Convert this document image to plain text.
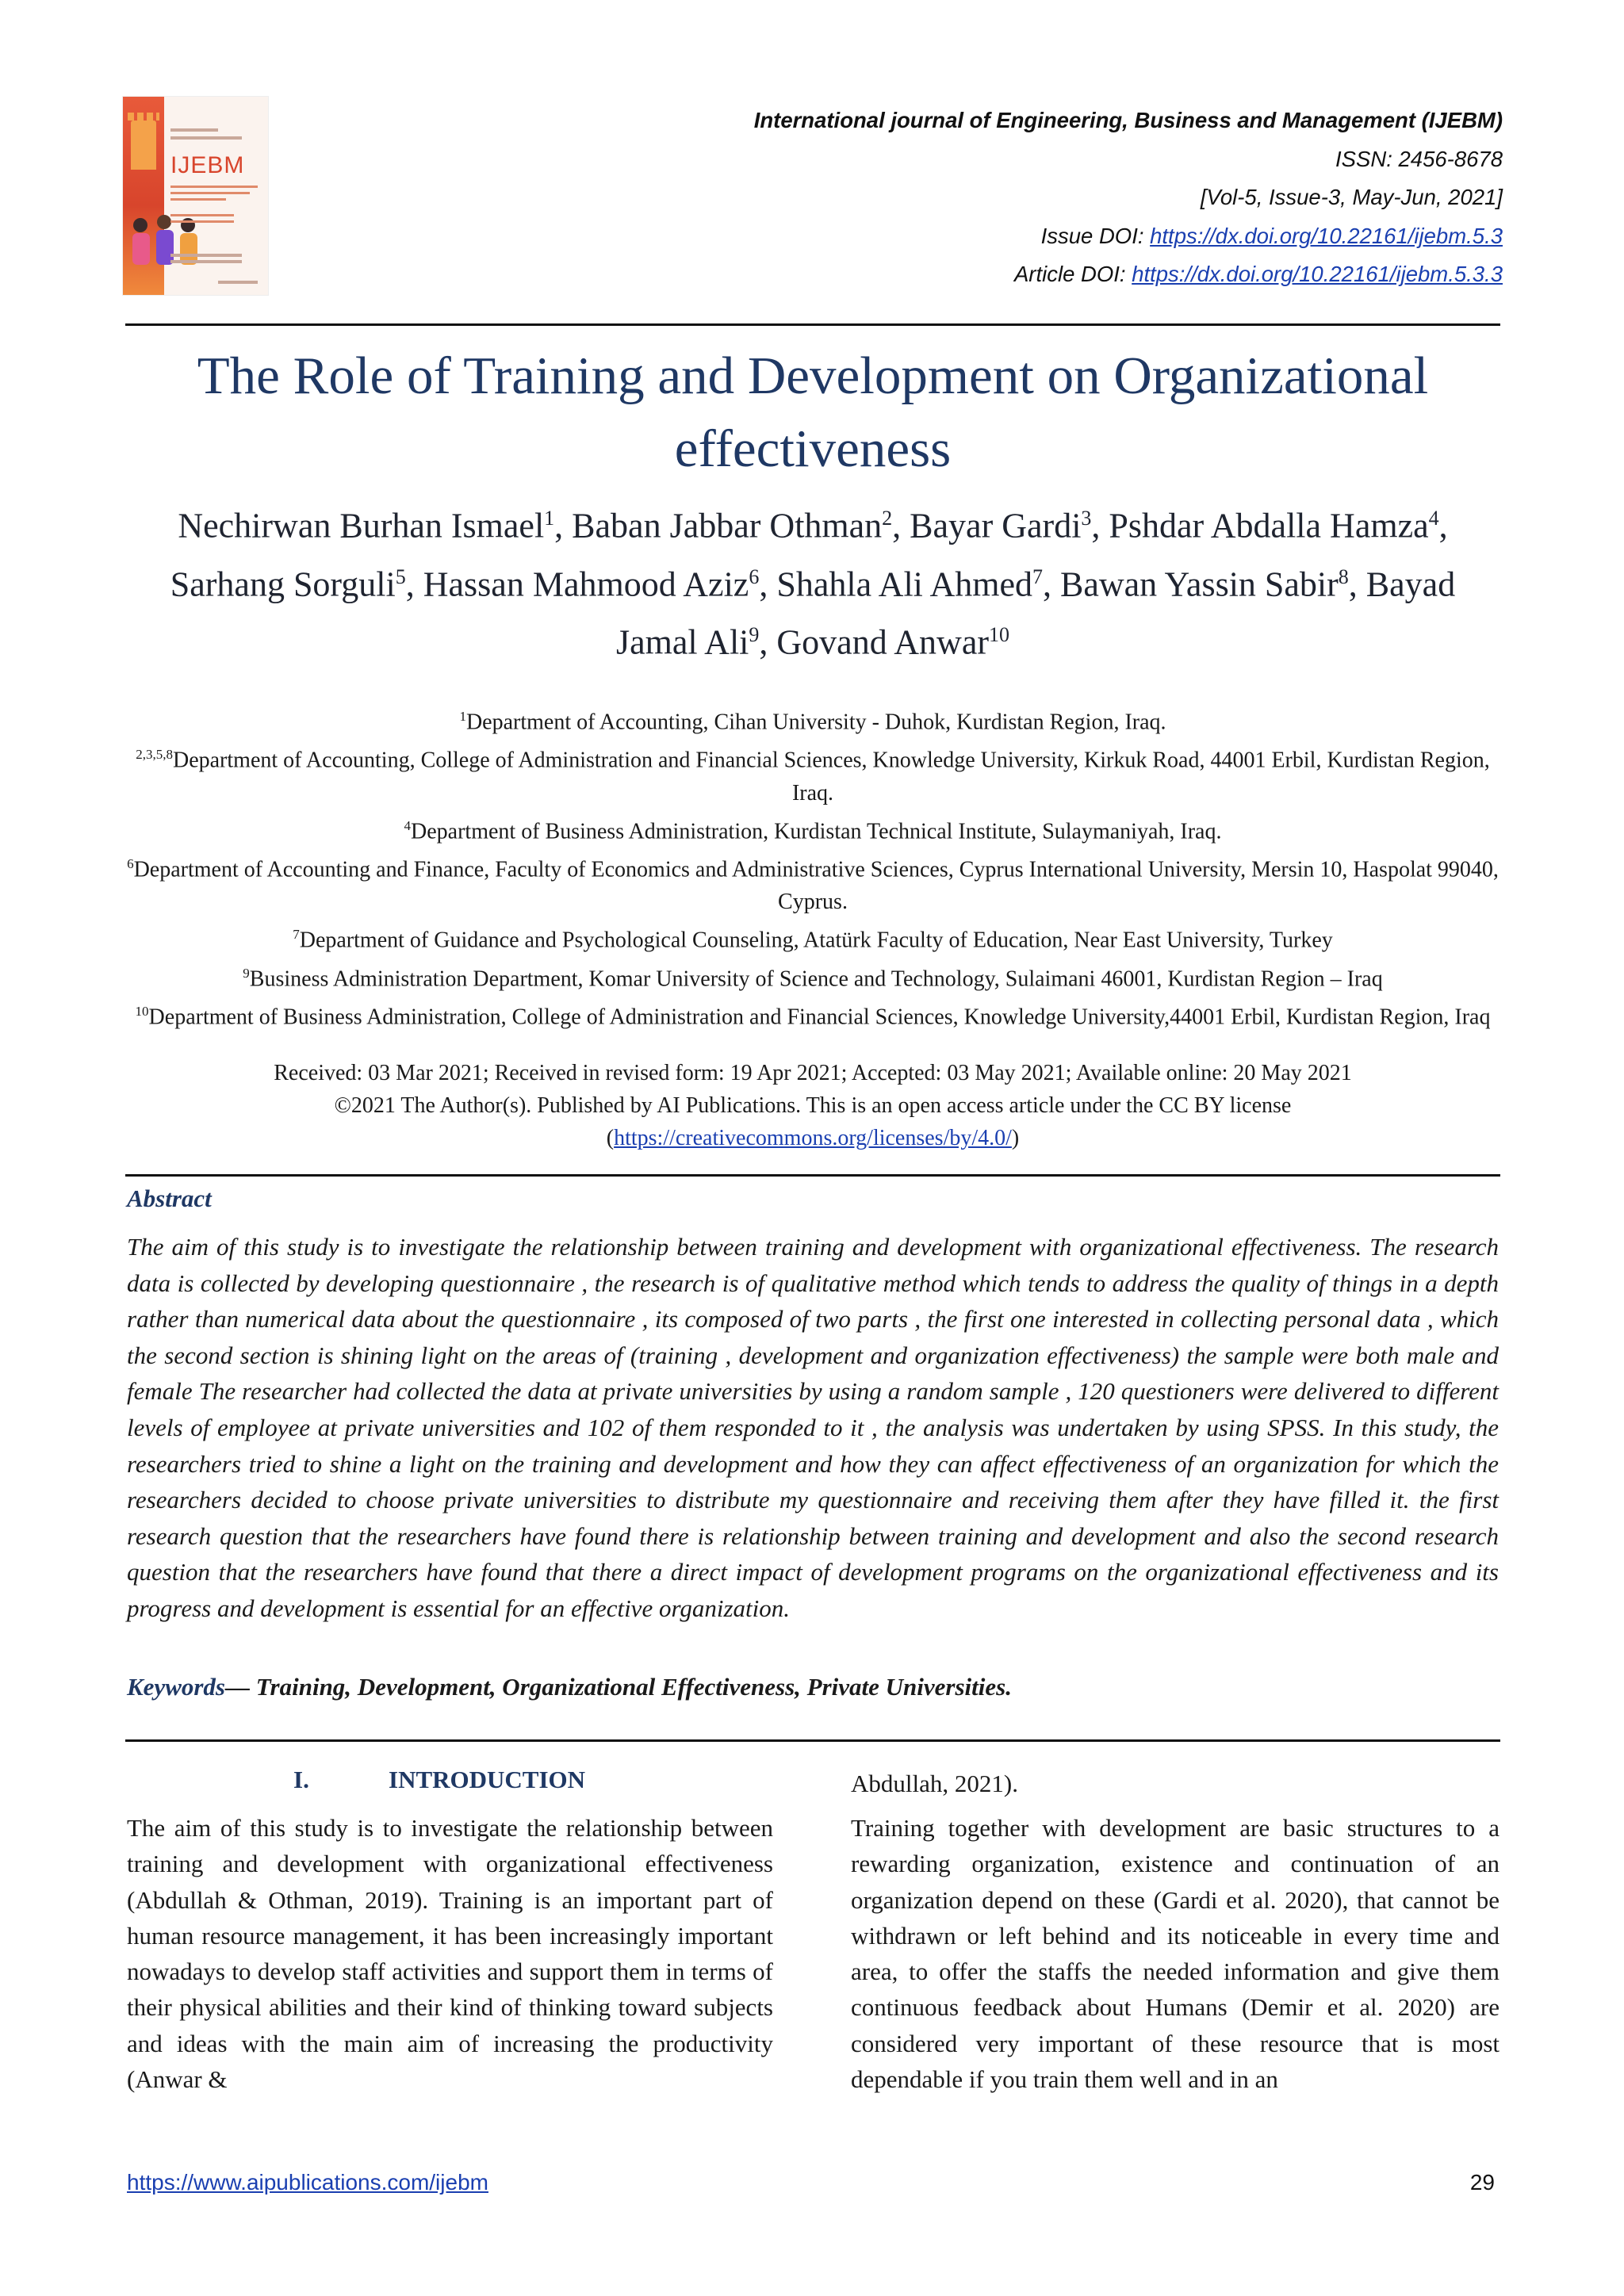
IJEBM
International journal of Engineering, Business and Management (IJEBM)
ISSN: 2456-8678
[Vol-5, Issue-3, May-Jun, 2021]
Issue DOI: https://dx.doi.org/10.22161/ijebm.5.3
Article DOI: https://dx.doi.org/10.22161/ijebm.5.3.3
The Role of Training and Development on Organizational
effectiveness
Nechirwan Burhan Ismael$^1$, Baban Jabbar Othman$^2$, Bayar Gardi$^3$, Pshdar Abdalla Hamza$^4$, Sarhang Sorguli$^5$, Hassan Mahmood Aziz$^6$, Shahla Ali Ahmed$^7$, Bawan Yassin Sabir$^8$, Bayad Jamal Ali$^9$, Govand Anwar$^{10}$

$^1$Department of Accounting, Cihan University - Duhok, Kurdistan Region, Iraq.

$^{2,3,5,8}$Department of Accounting, College of Administration and Financial Sciences, Knowledge University, Kirkuk Road, 44001 Erbil, Kurdistan Region, Iraq.

$^4$Department of Business Administration, Kurdistan Technical Institute, Sulaymaniyah, Iraq.

$^6$Department of Accounting and Finance, Faculty of Economics and Administrative Sciences, Cyprus International University, Mersin 10, Haspolat 99040, Cyprus.

$^7$Department of Guidance and Psychological Counseling, Atatürk Faculty of Education, Near East University, Turkey

$^9$Business Administration Department, Komar University of Science and Technology, Sulaimani 46001, Kurdistan Region – Iraq

$^{10}$Department of Business Administration, College of Administration and Financial Sciences, Knowledge University,44001 Erbil, Kurdistan Region, Iraq

Received: 03 Mar 2021; Received in revised form: 19 Apr 2021; Accepted: 03 May 2021; Available online: 20 May 2021

©2021 The Author(s). Published by AI Publications. This is an open access article under the CC BY license

(https://creativecommons.org/licenses/by/4.0/)

Abstract
The aim of this study is to investigate the relationship between training and development with organizational effectiveness. The research data is collected by developing questionnaire , the research is of qualitative method which tends to address the quality of things in a depth rather than numerical data about the questionnaire , its composed of two parts , the first one interested in collecting personal data , which the second section is shining light on the areas of (training , development and organization effectiveness) the sample were both male and female The researcher had collected the data at private universities by using a random sample , 120 questioners were delivered to different levels of employee at private universities and 102 of them responded to it , the analysis was undertaken by using SPSS. In this study, the researchers tried to shine a light on the training and development and how they can affect effectiveness of an organization for which the researchers decided to choose private universities to distribute my questionnaire and receiving them after they have filled it. the first research question that the researchers have found there is relationship between training and development and also the second research question that the researchers have found that there a direct impact of development programs on the organizational effectiveness and its progress and development is essential for an effective organization.
Keywords— Training, Development, Organizational Effectiveness, Private Universities.
I.	INTRODUCTION

The aim of this study is to investigate the relationship between training and development with organizational effectiveness (Abdullah & Othman, 2019). Training is an important part of human resource management, it has been increasingly important nowadays to develop staff activities and support them in terms of their physical abilities and their kind of thinking toward subjects and ideas with the main aim of increasing the productivity (Anwar &

Abdullah, 2021).

Training together with development are basic structures to a rewarding organization, existence and continuation of an organization depend on these (Gardi et al. 2020), that cannot be withdrawn or left behind and its noticeable in every time and area, to offer the staffs the needed information and give them continuous feedback about Humans (Demir et al. 2020) are considered very important of these resource that is most dependable if you train them well and in an

https://www.aipublications.com/ijebm	29
